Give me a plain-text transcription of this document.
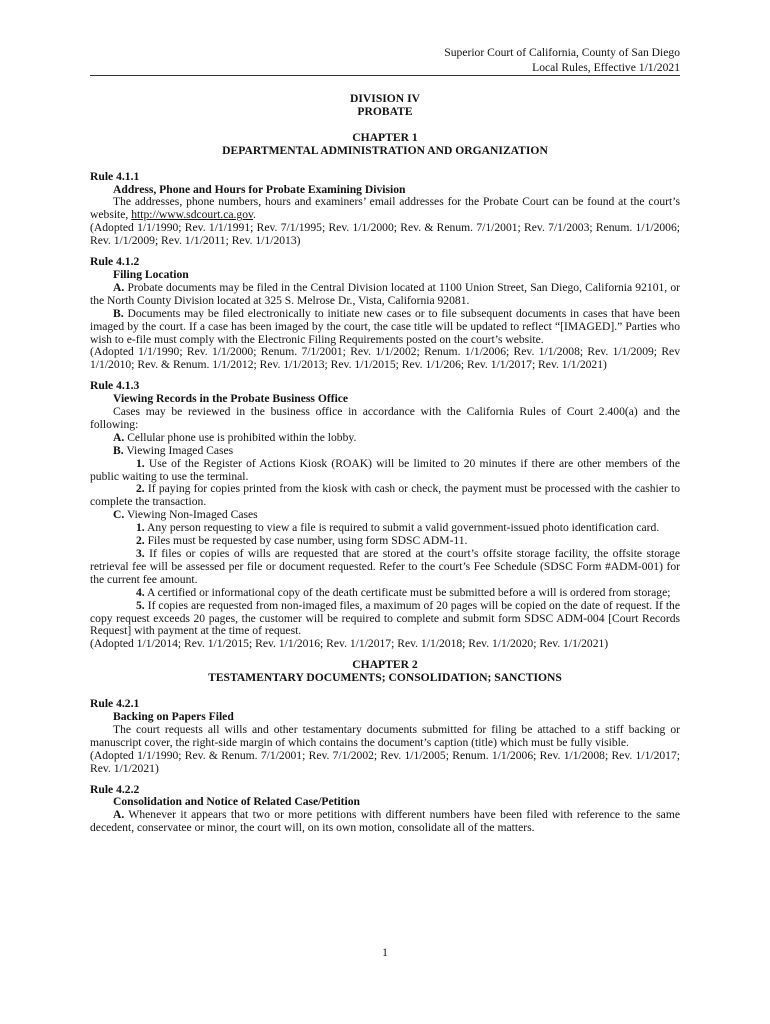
Superior Court of California, County of San Diego
Local Rules, Effective 1/1/2021
DIVISION IV
PROBATE
CHAPTER 1
DEPARTMENTAL ADMINISTRATION AND ORGANIZATION
Rule 4.1.1
Address, Phone and Hours for Probate Examining Division

The addresses, phone numbers, hours and examiners’ email addresses for the Probate Court can be found at the court’s website, http://www.sdcourt.ca.gov.

(Adopted 1/1/1990; Rev. 1/1/1991; Rev. 7/1/1995; Rev. 1/1/2000; Rev. & Renum. 7/1/2001; Rev. 7/1/2003; Renum. 1/1/2006; Rev. 1/1/2009; Rev. 1/1/2011; Rev. 1/1/2013)

Rule 4.1.2
Filing Location

A. Probate documents may be filed in the Central Division located at 1100 Union Street, San Diego, California 92101, or the North County Division located at 325 S. Melrose Dr., Vista, California 92081.

B. Documents may be filed electronically to initiate new cases or to file subsequent documents in cases that have been imaged by the court. If a case has been imaged by the court, the case title will be updated to reflect “[IMAGED].” Parties who wish to e-file must comply with the Electronic Filing Requirements posted on the court’s website.

(Adopted 1/1/1990; Rev. 1/1/2000; Renum. 7/1/2001; Rev. 1/1/2002; Renum. 1/1/2006; Rev. 1/1/2008; Rev. 1/1/2009; Rev 1/1/2010; Rev. & Renum. 1/1/2012; Rev. 1/1/2013; Rev. 1/1/2015; Rev. 1/1/206; Rev. 1/1/2017; Rev. 1/1/2021)

Rule 4.1.3
Viewing Records in the Probate Business Office

Cases may be reviewed in the business office in accordance with the California Rules of Court 2.400(a) and the following:

A. Cellular phone use is prohibited within the lobby.

B. Viewing Imaged Cases

1. Use of the Register of Actions Kiosk (ROAK) will be limited to 20 minutes if there are other members of the public waiting to use the terminal.

2. If paying for copies printed from the kiosk with cash or check, the payment must be processed with the cashier to complete the transaction.

C. Viewing Non-Imaged Cases

1. Any person requesting to view a file is required to submit a valid government-issued photo identification card.

2. Files must be requested by case number, using form SDSC ADM-11.

3. If files or copies of wills are requested that are stored at the court’s offsite storage facility, the offsite storage retrieval fee will be assessed per file or document requested. Refer to the court’s Fee Schedule (SDSC Form #ADM-001) for the current fee amount.

4. A certified or informational copy of the death certificate must be submitted before a will is ordered from storage;

5. If copies are requested from non-imaged files, a maximum of 20 pages will be copied on the date of request. If the copy request exceeds 20 pages, the customer will be required to complete and submit form SDSC ADM-004 [Court Records Request] with payment at the time of request.

(Adopted 1/1/2014; Rev. 1/1/2015; Rev. 1/1/2016; Rev. 1/1/2017; Rev. 1/1/2018; Rev. 1/1/2020; Rev. 1/1/2021)

CHAPTER 2
TESTAMENTARY DOCUMENTS; CONSOLIDATION; SANCTIONS
Rule 4.2.1
Backing on Papers Filed

The court requests all wills and other testamentary documents submitted for filing be attached to a stiff backing or manuscript cover, the right-side margin of which contains the document’s caption (title) which must be fully visible.

(Adopted 1/1/1990; Rev. & Renum. 7/1/2001; Rev. 7/1/2002; Rev. 1/1/2005; Renum. 1/1/2006; Rev. 1/1/2008; Rev. 1/1/2017; Rev. 1/1/2021)

Rule 4.2.2
Consolidation and Notice of Related Case/Petition

A. Whenever it appears that two or more petitions with different numbers have been filed with reference to the same decedent, conservatee or minor, the court will, on its own motion, consolidate all of the matters.

1
